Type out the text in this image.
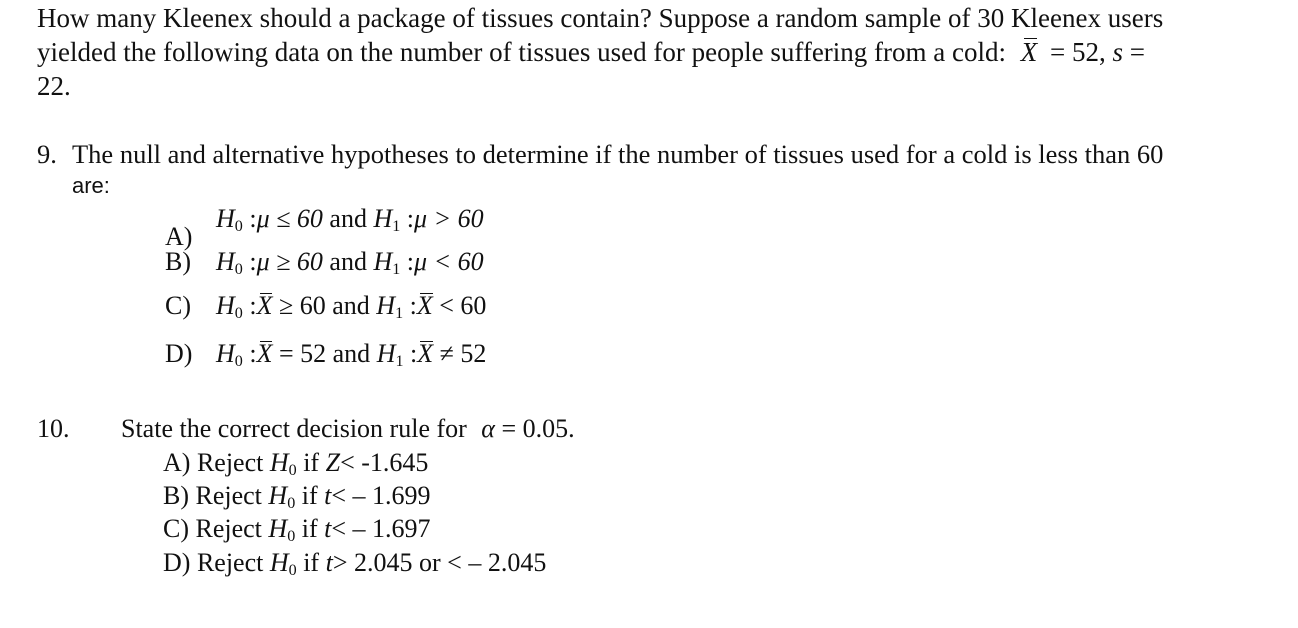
How many Kleenex should a package of tissues contain? Suppose a random sample of 30 Kleenex users
yielded the following data on the number of tissues used for people suffering from a cold: X = 52, s =
22.
9. The null and alternative hypotheses to determine if the number of tissues used for a cold is less than 60
are:
A)
$H_0$ :μ ≤ 60 and $H_1$ :μ > 60
B) $H_0$ :μ ≥ 60 and $H_1$ :μ < 60
C) $H_0$ :X ≥ 60 and $H_1$ :X < 60
D) $H_0$ :X = 52 and $H_1$ :X ≠ 52
10. State the correct decision rule for α = 0.05.
A) Reject $H_0$ if Z< -1.645
B) Reject $H_0$ if t< – 1.699
C) Reject $H_0$ if t< – 1.697
D) Reject $H_0$ if t> 2.045 or < – 2.045
